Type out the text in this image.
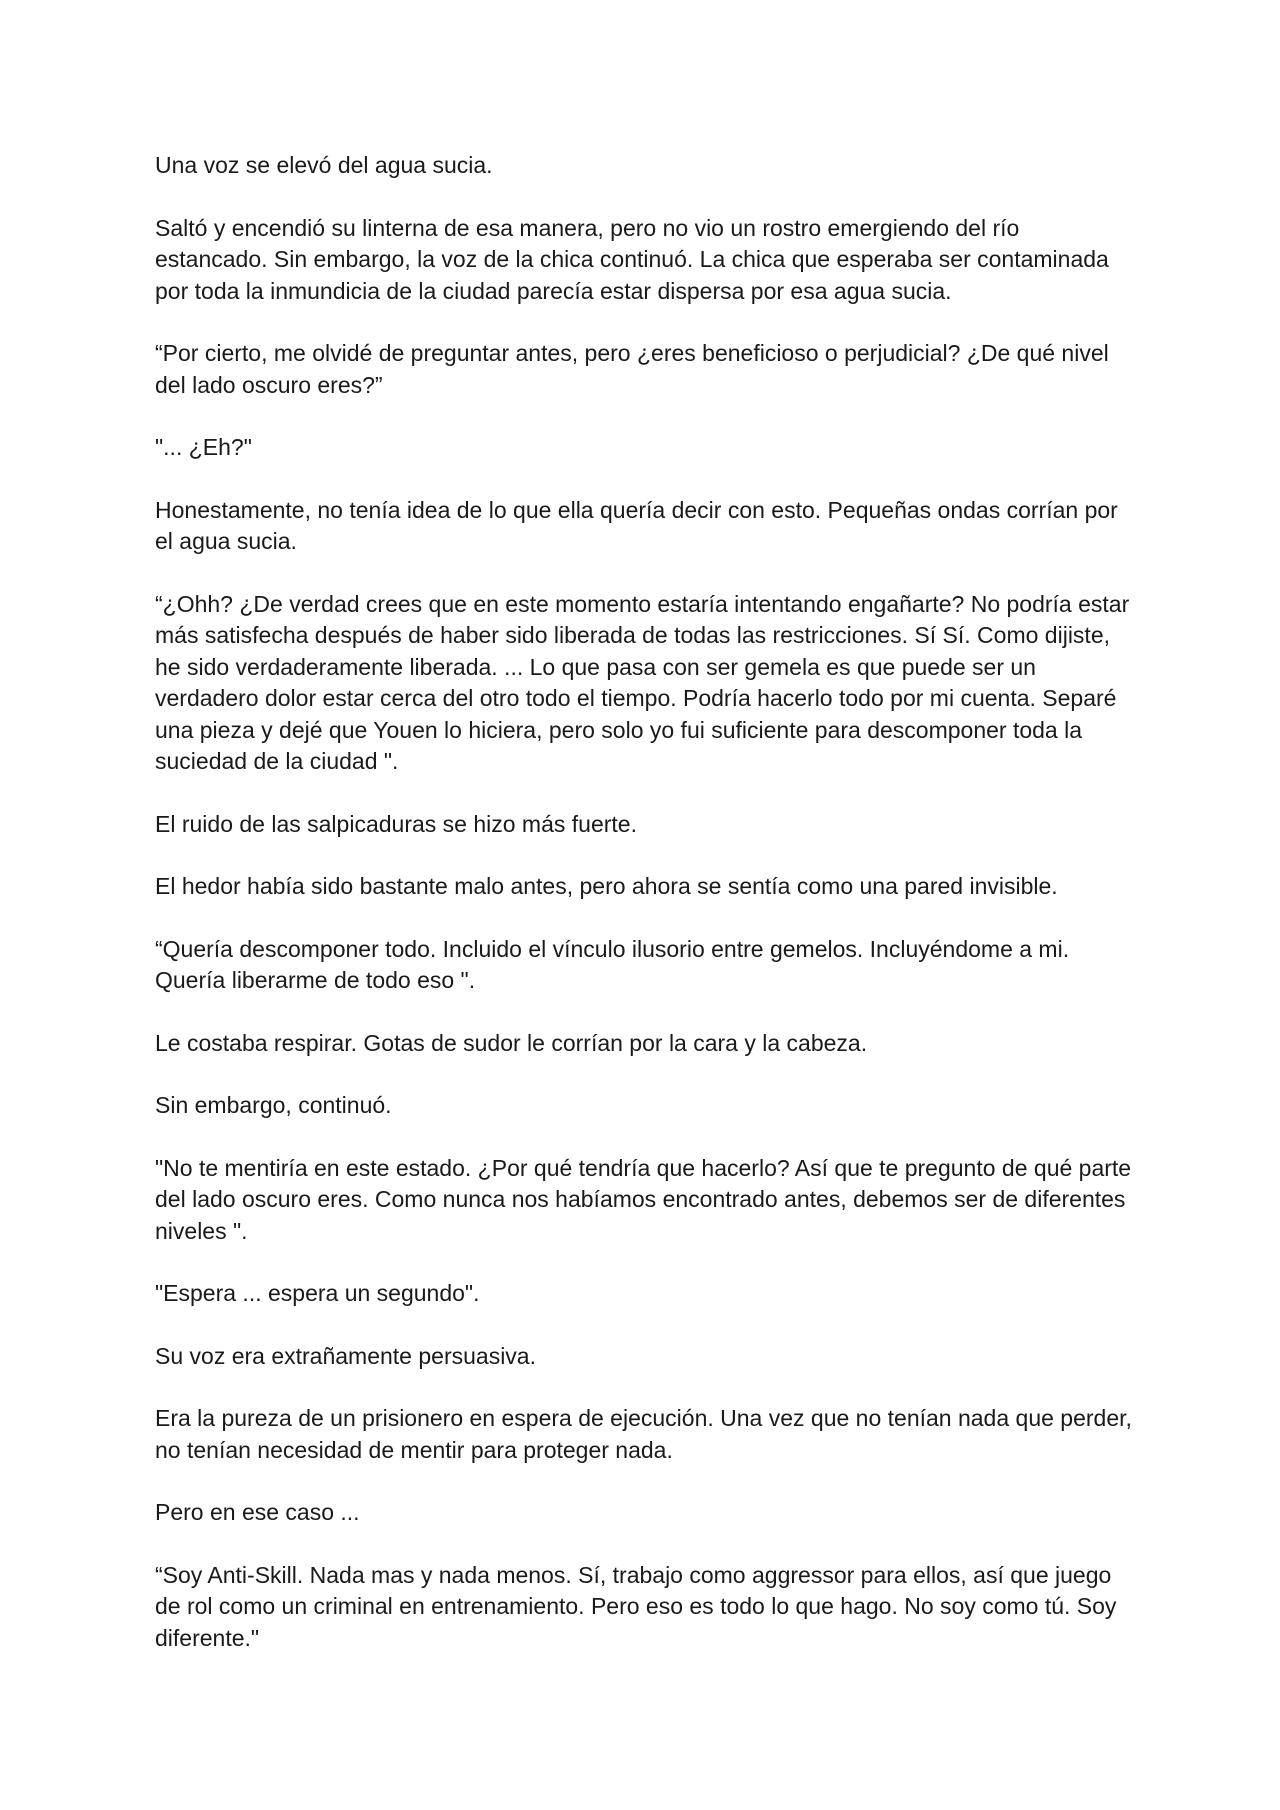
Una voz se elevó del agua sucia.

Saltó y encendió su linterna de esa manera, pero no vio un rostro emergiendo del río estancado. Sin embargo, la voz de la chica continuó. La chica que esperaba ser contaminada por toda la inmundicia de la ciudad parecía estar dispersa por esa agua sucia.

“Por cierto, me olvidé de preguntar antes, pero ¿eres beneficioso o perjudicial? ¿De qué nivel del lado oscuro eres?”

"... ¿Eh?"

Honestamente, no tenía idea de lo que ella quería decir con esto. Pequeñas ondas corrían por el agua sucia.

“¿Ohh? ¿De verdad crees que en este momento estaría intentando engañarte? No podría estar más satisfecha después de haber sido liberada de todas las restricciones. Sí Sí. Como dijiste, he sido verdaderamente liberada. ... Lo que pasa con ser gemela es que puede ser un verdadero dolor estar cerca del otro todo el tiempo. Podría hacerlo todo por mi cuenta. Separé una pieza y dejé que Youen lo hiciera, pero solo yo fui suficiente para descomponer toda la suciedad de la ciudad ".

El ruido de las salpicaduras se hizo más fuerte.

El hedor había sido bastante malo antes, pero ahora se sentía como una pared invisible.

“Quería descomponer todo. Incluido el vínculo ilusorio entre gemelos. Incluyéndome a mi. Quería liberarme de todo eso ".

Le costaba respirar. Gotas de sudor le corrían por la cara y la cabeza.

Sin embargo, continuó.

"No te mentiría en este estado. ¿Por qué tendría que hacerlo? Así que te pregunto de qué parte del lado oscuro eres. Como nunca nos habíamos encontrado antes, debemos ser de diferentes niveles ".

"Espera ... espera un segundo".

Su voz era extrañamente persuasiva.

Era la pureza de un prisionero en espera de ejecución. Una vez que no tenían nada que perder, no tenían necesidad de mentir para proteger nada.

Pero en ese caso ...

“Soy Anti-Skill. Nada mas y nada menos. Sí, trabajo como aggressor para ellos, así que juego de rol como un criminal en entrenamiento. Pero eso es todo lo que hago. No soy como tú. Soy diferente."
